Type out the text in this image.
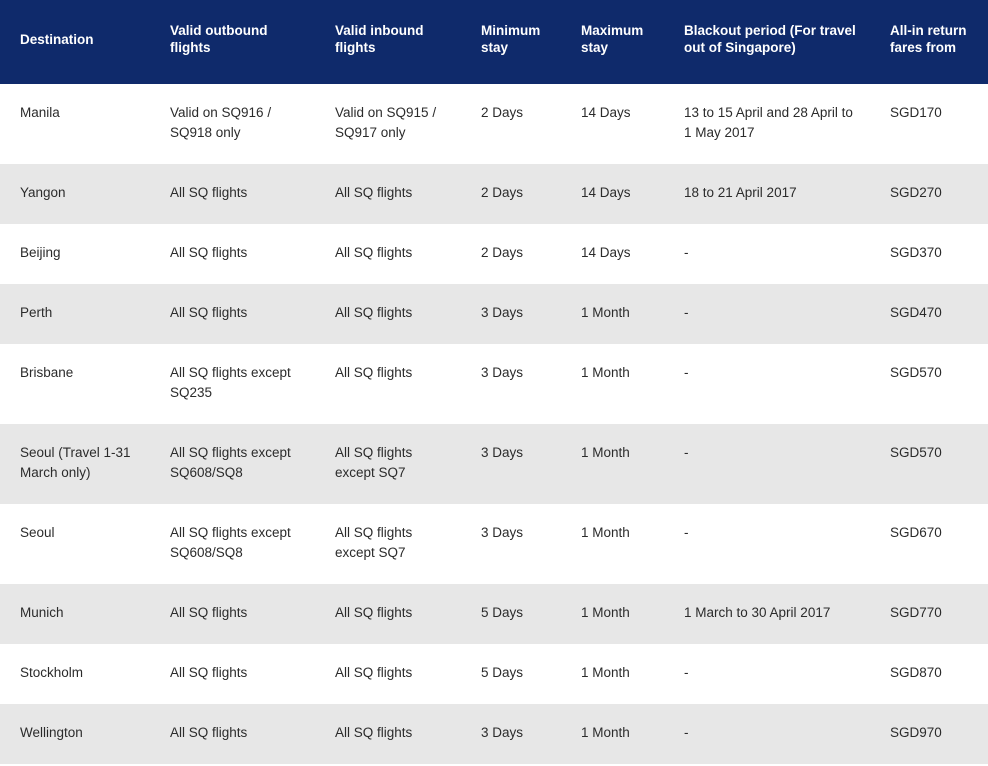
Destination	Valid outbound flights	Valid inbound flights	Minimum stay	Maximum stay	Blackout period (For travel out of Singapore)	All-in return fares from
Manila	Valid on SQ916 / SQ918 only	Valid on SQ915 / SQ917 only	2 Days	14 Days	13 to 15 April and 28 April to 1 May 2017	SGD170
Yangon	All SQ flights	All SQ flights	2 Days	14 Days	18 to 21 April 2017	SGD270
Beijing	All SQ flights	All SQ flights	2 Days	14 Days	-	SGD370
Perth	All SQ flights	All SQ flights	3 Days	1 Month	-	SGD470
Brisbane	All SQ flights except SQ235	All SQ flights	3 Days	1 Month	-	SGD570
Seoul (Travel 1-31 March only)	All SQ flights except SQ608/SQ8	All SQ flights except SQ7	3 Days	1 Month	-	SGD570
Seoul	All SQ flights except SQ608/SQ8	All SQ flights except SQ7	3 Days	1 Month	-	SGD670
Munich	All SQ flights	All SQ flights	5 Days	1 Month	1 March to 30 April 2017	SGD770
Stockholm	All SQ flights	All SQ flights	5 Days	1 Month	-	SGD870
Wellington	All SQ flights	All SQ flights	3 Days	1 Month	-	SGD970
